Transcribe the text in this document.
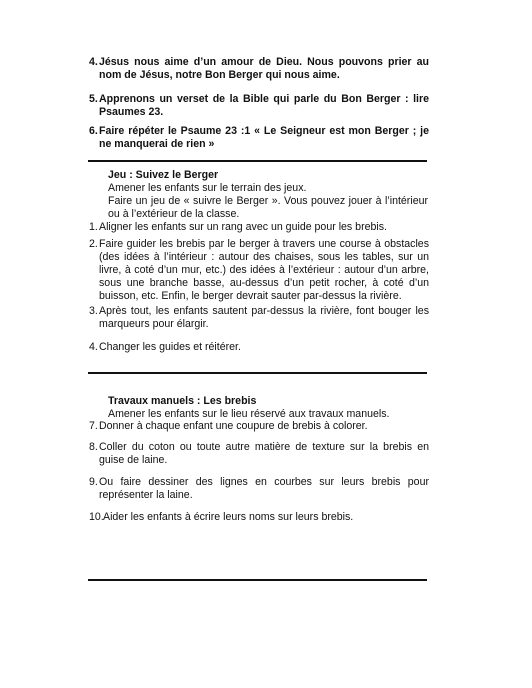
4. Jésus nous aime d’un amour de Dieu. Nous pouvons prier au nom de Jésus, notre Bon Berger qui nous aime.
5. Apprenons un verset de la Bible qui parle du Bon Berger : lire Psaumes 23.
6. Faire répéter le Psaume 23 :1 « Le Seigneur est mon Berger ; je ne manquerai de rien »
Jeu : Suivez le Berger
Amener les enfants sur le terrain des jeux.
Faire un jeu de « suivre le Berger ». Vous pouvez jouer à l’intérieur ou à l’extérieur de la classe.
1. Aligner les enfants sur un rang avec un guide pour les brebis.
2. Faire guider les brebis par le berger à travers une course à obstacles (des idées à l’intérieur : autour des chaises, sous les tables, sur un livre, à coté d’un mur, etc.) des idées à l’extérieur : autour d’un arbre, sous une branche basse, au-dessus d’un petit rocher, à coté d’un buisson, etc. Enfin, le berger devrait sauter par-dessus la rivière.
3. Après tout, les enfants sautent par-dessus la rivière, font bouger les marqueurs pour élargir.
4. Changer les guides et réitérer.
Travaux manuels : Les brebis
Amener les enfants sur le lieu réservé aux travaux manuels.
7. Donner à chaque enfant une coupure de brebis à colorer.
8. Coller du coton ou toute autre matière de texture sur la brebis en guise de laine.
9. Ou faire dessiner des lignes en courbes sur leurs brebis pour représenter la laine.
10. Aider les enfants à écrire leurs noms sur leurs brebis.
